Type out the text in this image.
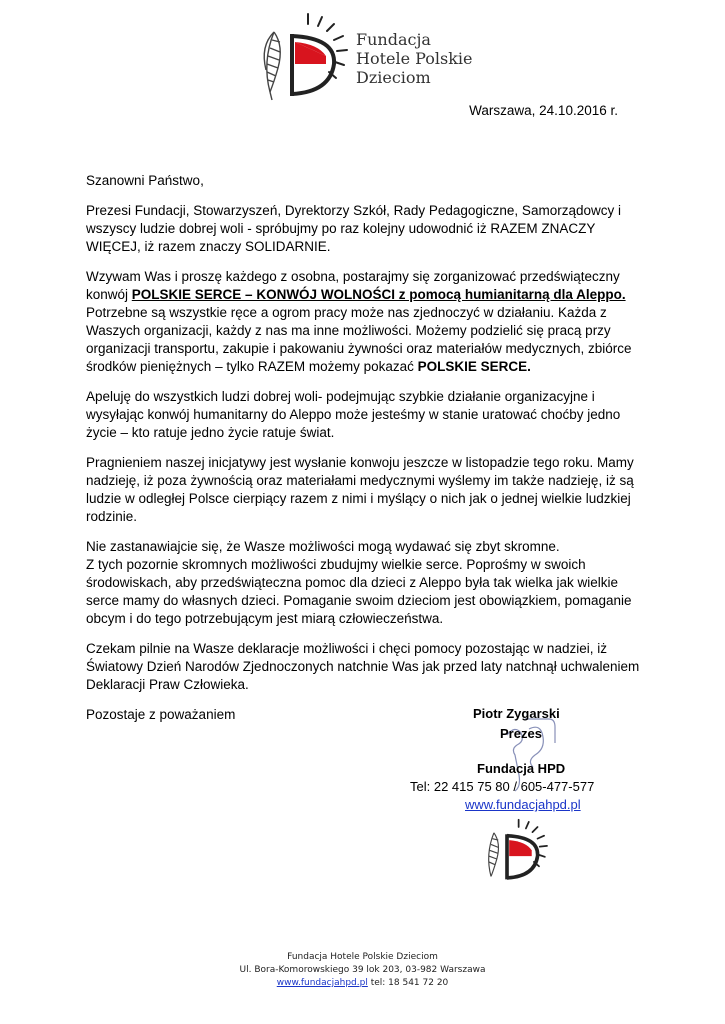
Fundacja
Hotele Polskie
Dzieciom
Warszawa, 24.10.2016 r.

Szanowni Państwo,

Prezesi Fundacji, Stowarzyszeń, Dyrektorzy Szkół, Rady Pedagogiczne, Samorządowcy i wszyscy ludzie dobrej woli - spróbujmy po raz kolejny udowodnić iż RAZEM ZNACZY WIĘCEJ, iż razem znaczy SOLIDARNIE.

Wzywam Was i proszę każdego z osobna, postarajmy się zorganizować przedświąteczny konwój POLSKIE SERCE – KONWÓJ WOLNOŚCI z pomocą humianitarną dla Aleppo. Potrzebne są wszystkie ręce a ogrom pracy może nas zjednoczyć w działaniu. Każda z Waszych organizacji, każdy z nas ma inne możliwości. Możemy podzielić się pracą przy organizacji transportu, zakupie i pakowaniu żywności oraz materiałów medycznych, zbiórce środków pieniężnych – tylko RAZEM możemy pokazać POLSKIE SERCE.

Apeluję do wszystkich ludzi dobrej woli- podejmując szybkie działanie organizacyjne i wysyłając konwój humanitarny do Aleppo może jesteśmy w stanie uratować choćby jedno życie – kto ratuje jedno życie ratuje świat.

Pragnieniem naszej inicjatywy jest wysłanie konwoju jeszcze w listopadzie tego roku. Mamy nadzieję, iż poza żywnością oraz materiałami medycznymi wyślemy im także nadzieję, iż są ludzie w odległej Polsce cierpiący razem z nimi i myślący o nich jak o jednej wielkie ludzkiej rodzinie.

Nie zastanawiajcie się, że Wasze możliwości mogą wydawać się zbyt skromne.
Z tych pozornie skromnych możliwości zbudujmy wielkie serce. Poprośmy w swoich środowiskach, aby przedświąteczna pomoc dla dzieci z Aleppo była tak wielka jak wielkie serce mamy do własnych dzieci. Pomaganie swoim dzieciom jest obowiązkiem, pomaganie obcym i do tego potrzebującym jest miarą człowieczeństwa.

Czekam pilnie na Wasze deklaracje możliwości i chęci pomocy pozostając w nadziei, iż Światowy Dzień Narodów Zjednoczonych natchnie Was jak przed laty natchnął uchwaleniem Deklaracji Praw Człowieka.

Pozostaje z poważaniem	Piotr Zygarski
Prezes
Fundacja HPD
Tel: 22 415 75 80 / 605-477-577
www.fundacjahpd.pl
Fundacja Hotele Polskie Dzieciom
Ul. Bora-Komorowskiego 39 lok 203, 03-982 Warszawa
www.fundacjahpd.pl tel: 18 541 72 20
